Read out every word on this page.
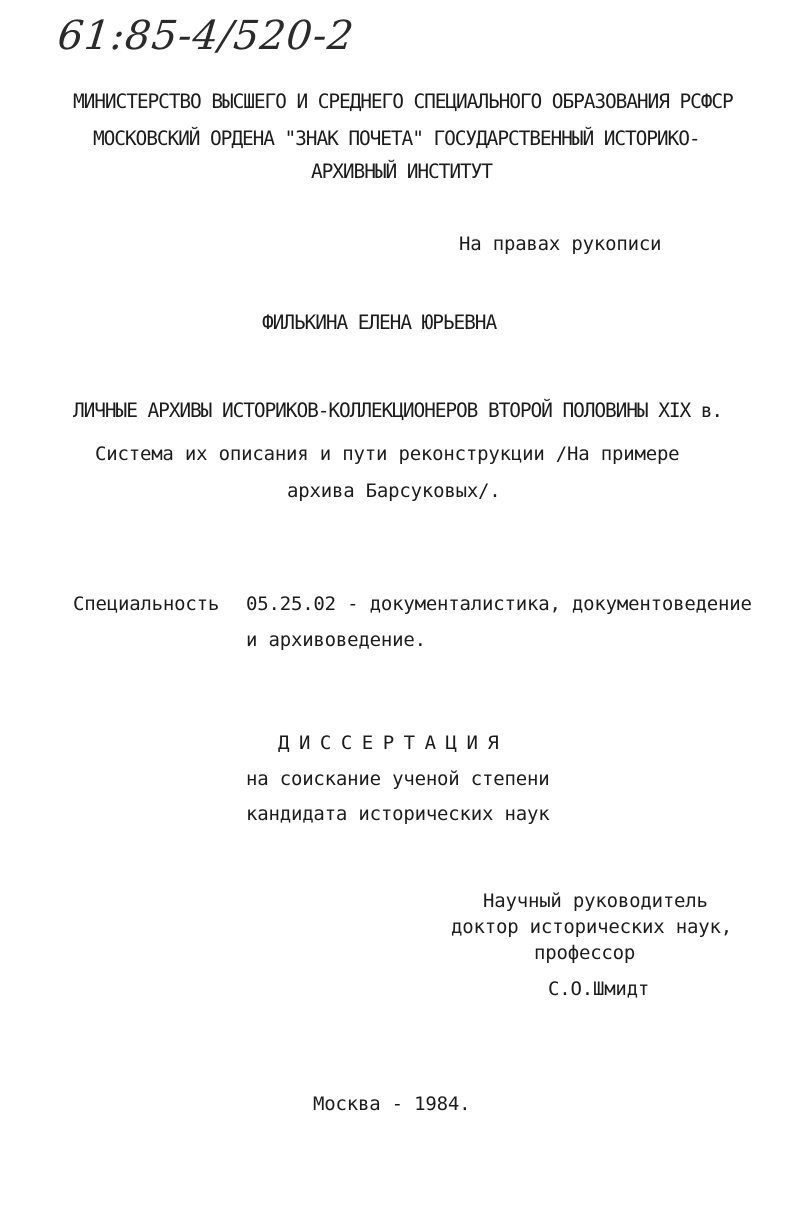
61:85-4/520-2
МИНИСТЕРСТВО ВЫСШЕГО И СРЕДНЕГО СПЕЦИАЛЬНОГО ОБРАЗОВАНИЯ РСФСР
МОСКОВСКИЙ ОРДЕНА "ЗНАК ПОЧЕТА" ГОСУДАРСТВЕННЫЙ ИСТОРИКО-
АРХИВНЫЙ ИНСТИТУТ
На правах рукописи
ФИЛЬКИНА ЕЛЕНА ЮРЬЕВНА
ЛИЧНЫЕ АРХИВЫ ИСТОРИКОВ-КОЛЛЕКЦИОНЕРОВ ВТОРОЙ ПОЛОВИНЫ XIX в.
Система их описания и пути реконструкции /На примере
архива Барсуковых/.
Специальность 05.25.02 - документалистика, документоведение
и архивоведение.
ДИССЕРТАЦИЯ
на соискание ученой степени
кандидата исторических наук
Научный руководитель
доктор исторических наук,
профессор
С.О.Шмидт
Москва - 1984.
